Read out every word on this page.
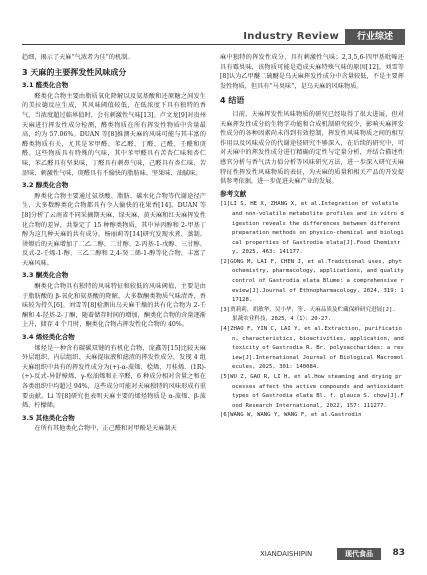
Industry Review	行业综述

趋细，揭示了天麻“气浓者为佳”的机制。

3 天麻的主要挥发性风味成分
3.1 醛类化合物

醛类化合物主要由脂质氧化降解以及氨基酸和还原糖之间发生的美拉德反应生成，其风味阈值较低，在低浓度下具有独特的香气，当浓度超过临界值时，会有刺激性气味[13]。卢文龙[9]对贵州天麻进行挥发性成分检测，醛类物质在所有挥发性物质中含量最高，约为 57.06%。DUAN 等[8]推测天麻的风味可能与其丰富的醛类物质有关，尤其是苯甲醛、苯乙醛、丁醛、己醛、壬醛和庚醛。这些物质具有特殊的气味，其中苯甲醛具有苦杏仁味和杏仁味，苯乙醛具有坚果味，丁醛具有刺鼻气味，己醛具有杏仁味、苦涩味、刺激性气味，庚醛具有不愉快的脂肪味、坚果味、油腻味。

3.2 醇类化合物

醇类化合物主要通过氨基酸、脂肪、碳水化合物等代谢途径产生，大多数醇类化合物都具有令人愉快的花果香[14]。DUAN 等[8]分析了云南省不同采摘期天麻、绿天麻、黄天麻和红天麻挥发性化合物的差异，共鉴定了 15 种醇类物质，其中异丙醇和 2-甲基丁醇为这几种天麻的共有成分。杨丽莉等[14]研究发现水煮、蒸制、烫燎后的天麻增加了二乙二醇、二甘醇、2-丙基-1-戊醇、三甘醇、反式-2-壬烯-1-醇、三乙二醇和 2,4-癸二烯-1-醇等化合物，丰富了天麻风味。

3.3 酮类化合物

酮类化合物具有独特的风味特征和较低的风味阈值，主要是由于脂肪酸的 β-氧化和氨基酸的降解，大多数酮类物质气味清香，香味较为持久[6]。刘雪等[8]检测出乌天麻干燥的共有化合物为 2-壬酮和 4-羟基-2-丁酮，随着储存时间的增加，酮类化合物的含量逐渐上升，储存 4 个月时，酮类化合物占挥发性化合物的 40%。

3.4 烯烃类化合物

烯烃是一种含有碳碳双键的有机化合物，庞鑫等[15]比较天麻外层组织、内层组织、天麻提取液和滤渣的挥发性成分，发现 4 组天麻组织中共有的挥发性成分为(+)-α-蒎烯、桧烯、月桂烯、(1R)-(+)-反式-异舒樟烯、γ-松油烯和正辛醛，6 种成分相对含量之和在各类组织中均超过 94%，这些成分可能对天麻独特的风味形成有重要贡献。Li 等[8]研究也表明天麻主要的烯烃物质是 α-蒎烯、β-蒎烯、柠檬烯。

3.5 其他类化合物

在所有其他类化合物中，正己醛和对甲酚是天麻制天

麻中独特的挥发性成分，具有刺激性气味；2,3,5,6-四甲基吡嗪还具有霉臭味，该物质可能是造成天麻特殊气味的原因[12]。刘雪等[8]认为乙甲醚二硫醚是乌天麻挥发性成分中含量较低，不是主要挥发性物质，但具有“马臭味”，是乌天麻的风味物质。

4 结语

目前，天麻挥发性风味物质的研究已经取得了很大进展，但对天麻挥发性成分的生物学功能和合成机制研究较少，影响天麻挥发性成分的各种因素尚未得到有效控制，挥发性风味物质之间的相互作用以及风味成分的代谢途径研究不够深入，在后续的研究中，可对天麻中的挥发性成分进行精确的定性与定量分析，并结合描述性感官分析与香气活力值分析等风味研究方法，进一步深入研究天麻特征性挥发性风味物质的表征，为天麻的质量和相关产品的开发提供参考依据，进一步促进天麻产业的发展。

参考文献

[1]LI S, HE X, ZHANG X, et al.Integration of volatile and non-volatile metabolite profiles and in vitro digestion reveals the differences between different preparation methods on physico-chemical and biological properties of Gastrodia elata[J].Food Chemistry, 2025, 463: 141177.

[2]GONG M, LAI F, CHEN J, et al.Traditional uses, phytochemistry, pharmacology, applications, and quality control of Gastrodia elata Blume: a comprehensive review[J].Journal of Ethnopharmacology, 2024, 319: 117128.

[3]贾莉莉，胡敏华，吴小华，等. 天麻品质及贮藏保鲜研究进展[J]. 果蔬农业科技，2025，4（1）：20-27.

[4]ZHAO F, YIN C, LAI Y, et al.Extraction, purification, characteristics, bioactivities, application, and toxicity of Gastrodia R. Br. polysaccharides: a review[J].International Journal of Biological Macromolecules, 2025, 301: 140084.

[5]WU Z, GAO R, LI H, et al.How steaming and drying processes affect the active compounds and antioxidant types of Gastrodia elata Bl. f. glauca S. chow[J].Food Research International, 2022, 157: 111277.

[6]WANG W, WANG Y, WANG F, et al.Gastrodin

XIANDAISHIPIN	现代食品	83
